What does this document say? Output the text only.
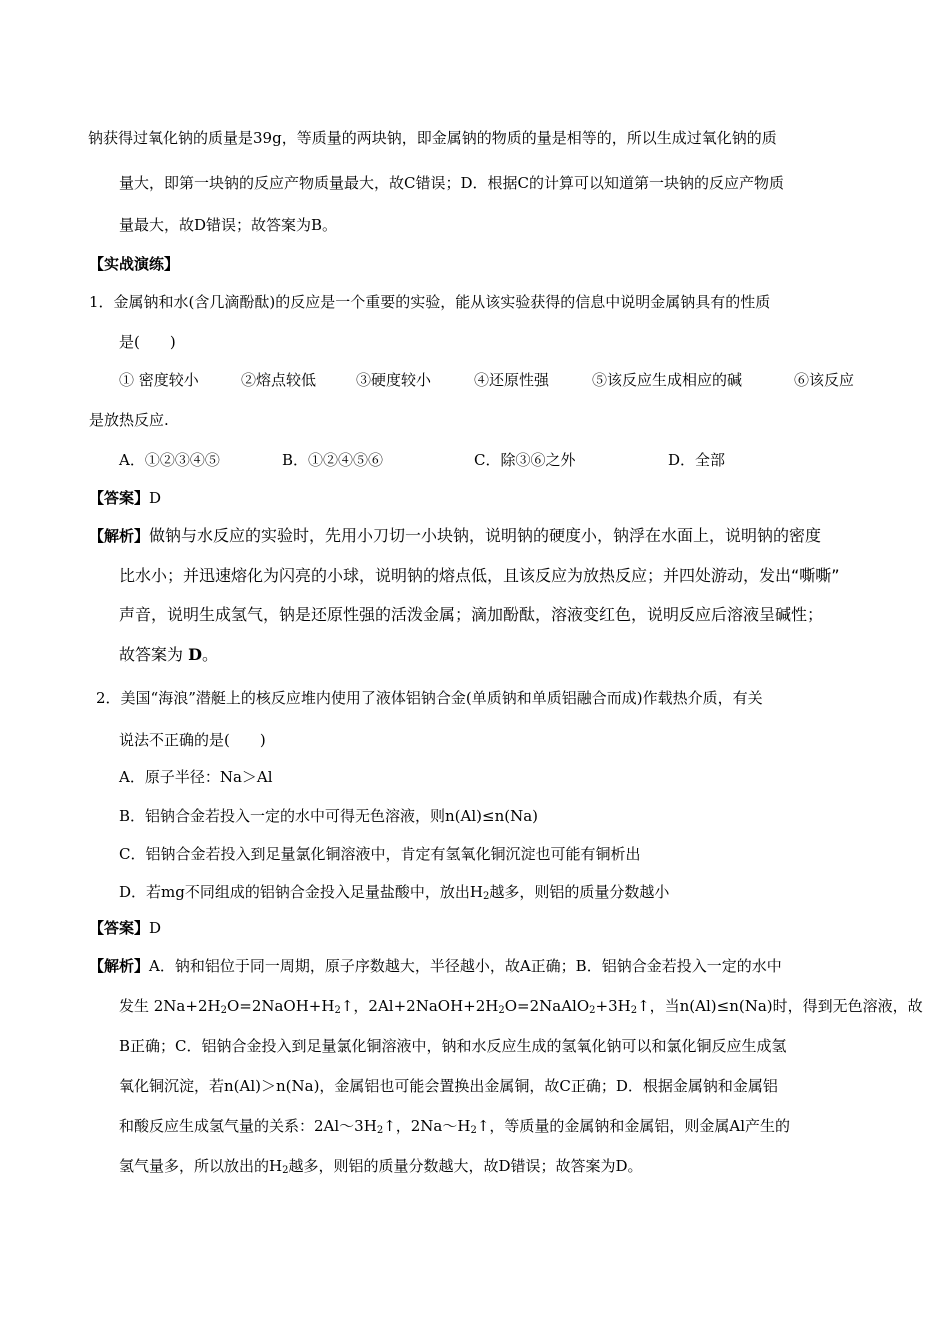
钠获得过氧化钠的质量是39g，等质量的两块钠，即金属钠的物质的量是相等的，所以生成过氧化钠的质
量大，即第一块钠的反应产物质量最大，故C错误；D．根据C的计算可以知道第一块钠的反应产物质
量最大，故D错误；故答案为B。
【实战演练】
1．金属钠和水(含几滴酚酞)的反应是一个重要的实验，能从该实验获得的信息中说明金属钠具有的性质
是(　　)
① 密度较小	②熔点较低	③硬度较小	④还原性强	⑤该反应生成相应的碱	⑥该反应
是放热反应.
A．①②③④⑤	B．①②④⑤⑥	C．除③⑥之外	D．全部
【答案】D
【解析】做钠与水反应的实验时，先用小刀切一小块钠，说明钠的硬度小，钠浮在水面上，说明钠的密度
比水小；并迅速熔化为闪亮的小球，说明钠的熔点低，且该反应为放热反应；并四处游动，发出“嘶嘶”
声音，说明生成氢气，钠是还原性强的活泼金属；滴加酚酞，溶液变红色，说明反应后溶液呈碱性；
故答案为 D。
2．美国“海浪”潜艇上的核反应堆内使用了液体铝钠合金(单质钠和单质铝融合而成)作载热介质，有关
说法不正确的是(　　)
A．原子半径：Na＞Al
B．铝钠合金若投入一定的水中可得无色溶液，则n(Al)≤n(Na)
C．铝钠合金若投入到足量氯化铜溶液中，肯定有氢氧化铜沉淀也可能有铜析出
D．若mg不同组成的铝钠合金投入足量盐酸中，放出$H_2$越多，则铝的质量分数越小
【答案】D
【解析】A．钠和铝位于同一周期，原子序数越大，半径越小，故A正确；B．铝钠合金若投入一定的水中
发生 $2Na+2H_2O=2NaOH+H_2↑$，$2Al+2NaOH+2H_2O=2NaAlO_2+3H_2↑$，当n(Al)≤n(Na)时，得到无色溶液，故
B正确；C．铝钠合金投入到足量氯化铜溶液中，钠和水反应生成的氢氧化钠可以和氯化铜反应生成氢
氧化铜沉淀，若n(Al)＞n(Na)，金属铝也可能会置换出金属铜，故C正确；D．根据金属钠和金属铝
和酸反应生成氢气量的关系：$2Al\sim 3H_2↑$，$2Na\sim H_2↑$，等质量的金属钠和金属铝，则金属Al产生的
氢气量多，所以放出的$H_2$越多，则铝的质量分数越大，故D错误；故答案为D。
